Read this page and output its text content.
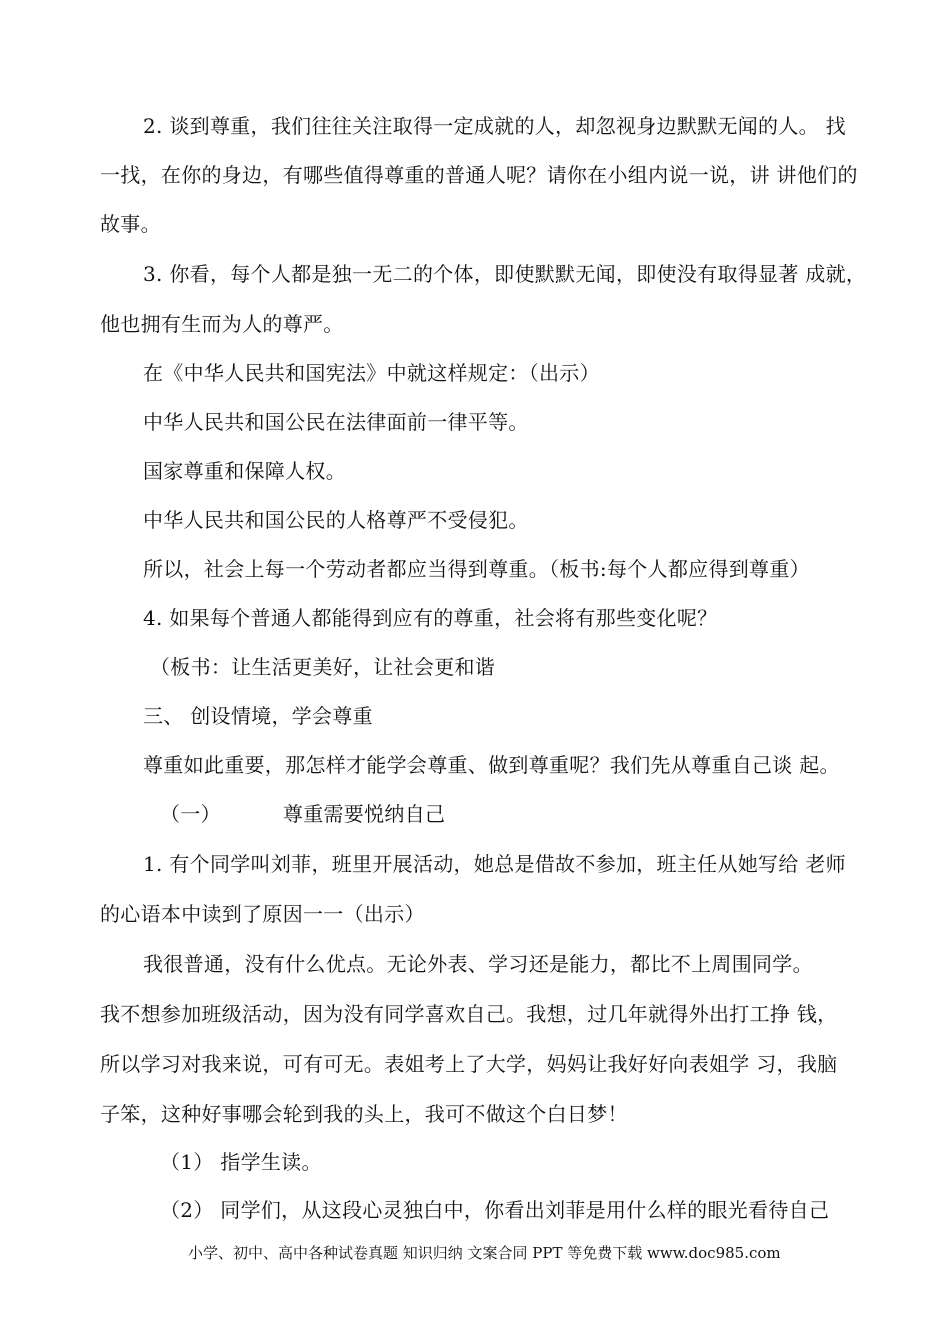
2. 谈到尊重，我们往往关注取得一定成就的人，却忽视身边默默无闻的人。 找
一找，在你的身边，有哪些值得尊重的普通人呢？请你在小组内说一说，讲 讲他们的
故事。
3. 你看，每个人都是独一无二的个体，即使默默无闻，即使没有取得显著 成就，
他也拥有生而为人的尊严。
在《中华人民共和国宪法》中就这样规定：（出示）
中华人民共和国公民在法律面前一律平等。
国家尊重和保障人权。
中华人民共和国公民的人格尊严不受侵犯。
所以，社会上每一个劳动者都应当得到尊重。（板书:每个人都应得到尊重）
4. 如果每个普通人都能得到应有的尊重，社会将有那些变化呢？
（板书：让生活更美好，让社会更和谐
三、 创设情境，学会尊重
尊重如此重要，那怎样才能学会尊重、做到尊重呢？我们先从尊重自己谈 起。
（一）	尊重需要悦纳自己
1. 有个同学叫刘菲，班里开展活动，她总是借故不参加，班主任从她写给 老师
的心语本中读到了原因一一（出示）
我很普通，没有什么优点。无论外表、学习还是能力，都比不上周围同学。
我不想参加班级活动，因为没有同学喜欢自己。我想，过几年就得外出打工挣 钱，
所以学习对我来说，可有可无。表姐考上了大学，妈妈让我好好向表姐学 习，我脑
子笨，这种好事哪会轮到我的头上，我可不做这个白日梦！
（1） 指学生读。
（2） 同学们，从这段心灵独白中，你看出刘菲是用什么样的眼光看待自己
小学、初中、高中各种试卷真题 知识归纳 文案合同 PPT 等免费下载 www.doc985.com
